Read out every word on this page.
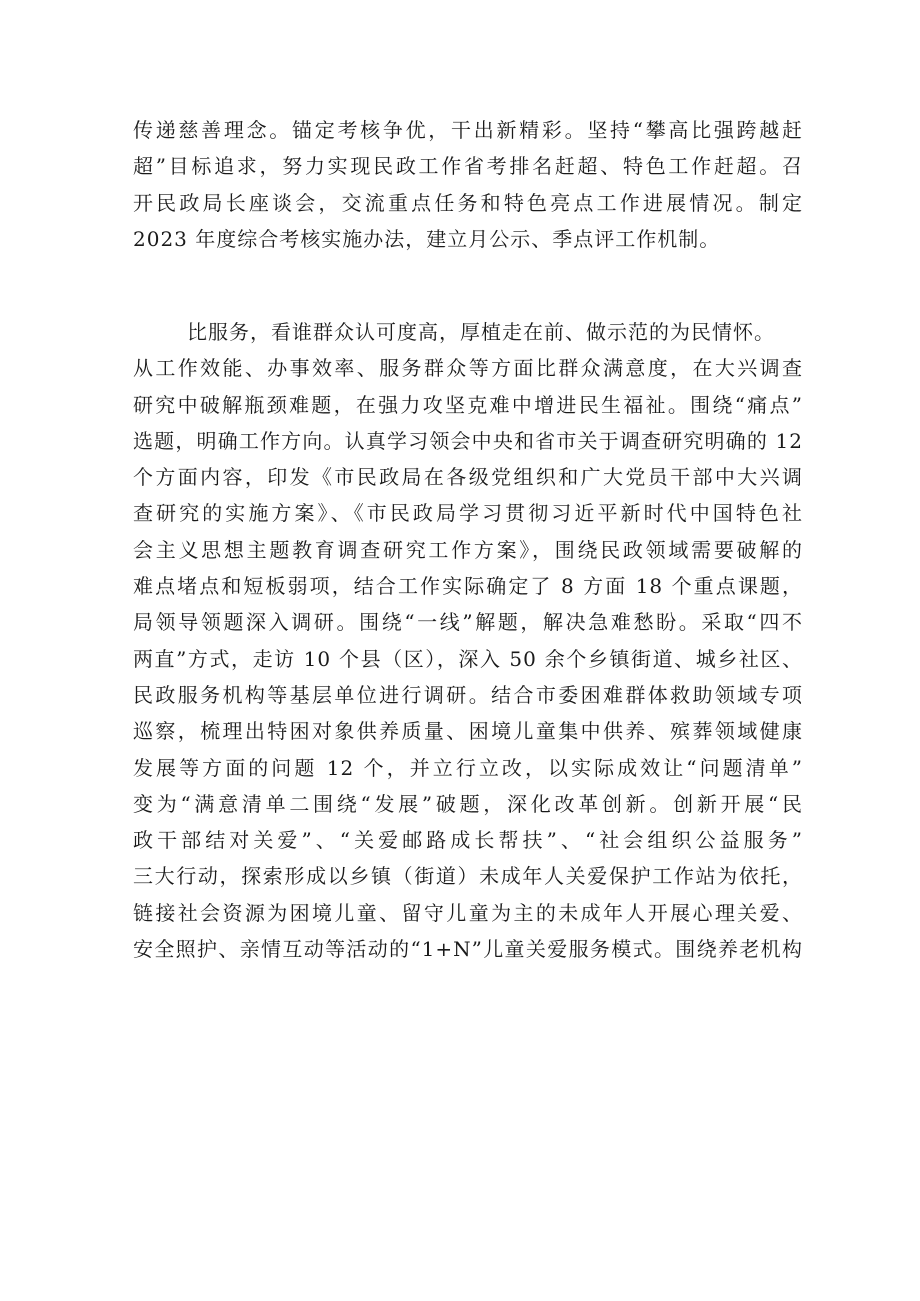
传递慈善理念。锚定考核争优，干出新精彩。坚持“攀高比强跨越赶
超”目标追求，努力实现民政工作省考排名赶超、特色工作赶超。召
开民政局长座谈会，交流重点任务和特色亮点工作进展情况。制定
2023 年度综合考核实施办法，建立月公示、季点评工作机制。
比服务，看谁群众认可度高，厚植走在前、做示范的为民情怀。
从工作效能、办事效率、服务群众等方面比群众满意度，在大兴调查
研究中破解瓶颈难题，在强力攻坚克难中增进民生福祉。围绕“痛点”
选题，明确工作方向。认真学习领会中央和省市关于调查研究明确的 12
个方面内容，印发《市民政局在各级党组织和广大党员干部中大兴调
查研究的实施方案》、《市民政局学习贯彻习近平新时代中国特色社
会主义思想主题教育调查研究工作方案》，围绕民政领域需要破解的
难点堵点和短板弱项，结合工作实际确定了 8 方面 18 个重点课题，
局领导领题深入调研。围绕“一线”解题，解决急难愁盼。采取“四不
两直”方式，走访 10 个县（区），深入 50 余个乡镇街道、城乡社区、
民政服务机构等基层单位进行调研。结合市委困难群体救助领域专项
巡察，梳理出特困对象供养质量、困境儿童集中供养、殡葬领域健康
发展等方面的问题 12 个，并立行立改，以实际成效让“问题清单”
变为“满意清单二围绕“发展”破题，深化改革创新。创新开展“民
政干部结对关爱”、“关爱邮路成长帮扶”、“社会组织公益服务”
三大行动，探索形成以乡镇（街道）未成年人关爱保护工作站为依托，
链接社会资源为困境儿童、留守儿童为主的未成年人开展心理关爱、
安全照护、亲情互动等活动的“1+N”儿童关爱服务模式。围绕养老机构
